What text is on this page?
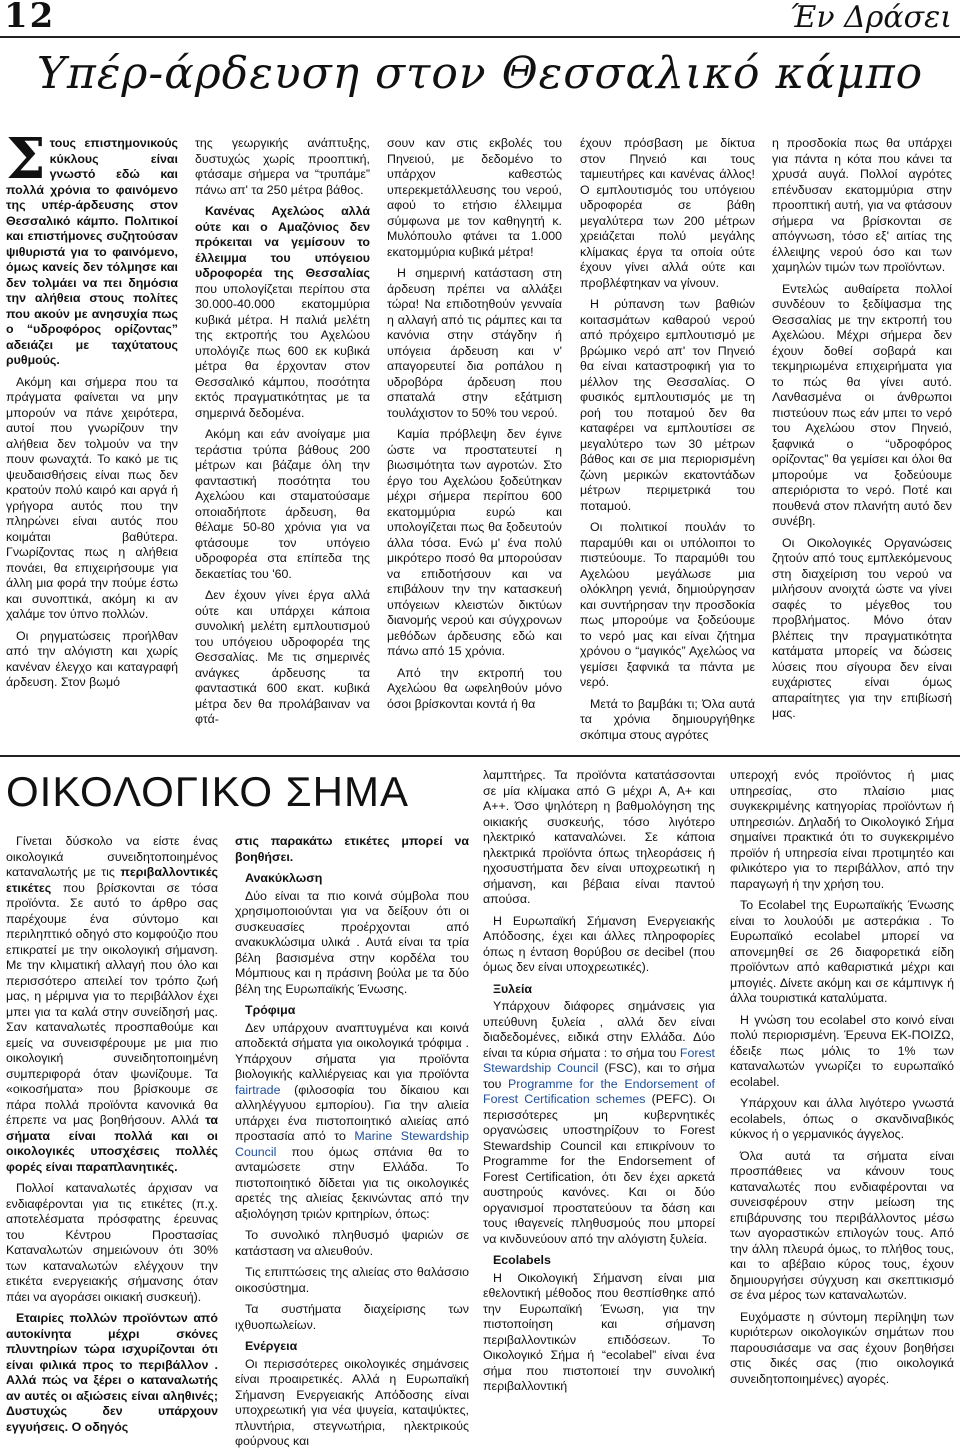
12	Έν Δράσει
Υπέρ-άρδευση στον Θεσσαλικό κάμπο

Στους επιστημονικούς κύκλους είναι γνωστό εδώ και πολλά χρόνια το φαινόμενο της υπέρ-άρδευσης στον Θεσσαλικό κάμπο. Πολιτικοί και επιστήμονες συζητούσαν ψιθυριστά για το φαινόμενο, όμως κανείς δεν τόλμησε και δεν τολμάει να πει δημόσια την αλήθεια στους πολίτες που ακούν με ανησυχία πως ο “υδροφόρος ορίζοντας” αδειάζει με ταχύτατους ρυθμούς.

Ακόμη και σήμερα που τα πράγματα φαίνεται να μην μπορούν να πάνε χειρότερα, αυτοί που γνωρίζουν την αλήθεια δεν τολμούν να την πουν φωναχτά. Το κακό με τις ψευδαισθήσεις είναι πως δεν κρατούν πολύ καιρό και αργά ή γρήγορα αυτός που την πληρώνει είναι αυτός που κοιμάται βαθύτερα. Γνωρίζοντας πως η αλήθεια πονάει, θα επιχειρήσουμε για άλλη μια φορά την πούμε έστω και συνοπτικά, ακόμη κι αν χαλάμε τον ύπνο πολλών.

Οι ρηγματώσεις προήλθαν από την αλόγιστη και χωρίς κανέναν έλεγχο και καταγραφή άρδευση. Στον βωμό

της γεωργικής ανάπτυξης, δυστυχώς χωρίς προοπτική, φτάσαμε σήμερα να “τρυπάμε” πάνω απ' τα 250 μέτρα βάθος.

Κανένας Αχελώος αλλά ούτε και ο Αμαζόνιος δεν πρόκειται να γεμίσουν το έλλειμμα του υπόγειου υδροφορέα της Θεσσαλίας που υπολογίζεται περίπου στα 30.000-40.000 εκατομμύρια κυβικά μέτρα. Η παλιά μελέτη της εκτροπής του Αχελώου υπολόγιζε πως 600 εκ κυβικά μέτρα θα έρχονταν στον Θεσσαλικό κάμπου, ποσότητα εκτός πραγματικότητας με τα σημερινά δεδομένα.

Ακόμη και εάν ανοίγαμε μια τεράστια τρύπα βάθους 200 μέτρων και βάζαμε όλη την φανταστική ποσότητα του Αχελώου και σταματούσαμε οποιαδήποτε άρδευση, θα θέλαμε 50-80 χρόνια για να φτάσουμε τον υπόγειο υδροφορέα στα επίπεδα της δεκαετίας του '60.

Δεν έχουν γίνει έργα αλλά ούτε και υπάρχει κάποια συνολική μελέτη εμπλουτισμού του υπόγειου υδροφορέα της Θεσσαλίας. Με τις σημερινές ανάγκες άρδευσης τα φανταστικά 600 εκατ. κυβικά μέτρα δεν θα προλάβαιναν να φτά-

σουν καν στις εκβολές του Πηνειού, με δεδομένο το υπάρχον καθεστώς υπερεκμετάλλευσης του νερού, αφού το ετήσιο έλλειμμα σύμφωνα με τον καθηγητή κ. Μυλόπουλο φτάνει τα 1.000 εκατομμύρια κυβικά μέτρα!

Η σημερινή κατάσταση στη άρδευση πρέπει να αλλάξει τώρα! Να επιδοτηθούν γενναία η αλλαγή από τις ράμπες και τα κανόνια στην στάγδην ή υπόγεια άρδευση και ν' απαγορευτεί δια ροπάλου η υδροβόρα άρδευση που σπαταλά στην εξάτμιση τουλάχιστον το 50% του νερού.

Καμία πρόβλεψη δεν έγινε ώστε να προστατευτεί η βιωσιμότητα των αγροτών. Στο έργο του Αχελώου ξοδεύτηκαν μέχρι σήμερα περίπου 600 εκατομμύρια ευρώ και υπολογίζεται πως θα ξοδευτούν άλλα τόσα. Ενώ μ' ένα πολύ μικρότερο ποσό θα μπορούσαν να επιδοτήσουν και να επιβάλουν την την κατασκευή υπόγειων κλειστών δικτύων διανομής νερού και σύγχρονων μεθόδων άρδευσης εδώ και πάνω από 15 χρόνια.

Από την εκτροπή του Αχελώου θα ωφεληθούν μόνο όσοι βρίσκονται κοντά ή θα

έχουν πρόσβαση με δίκτυα στον Πηνειό και τους ταμιευτήρες και κανένας άλλος! Ο εμπλουτισμός του υπόγειου υδροφορέα σε βάθη μεγαλύτερα των 200 μέτρων χρειάζεται πολύ μεγάλης κλίμακας έργα τα οποία ούτε έχουν γίνει αλλά ούτε και προβλέφτηκαν να γίνουν.

Η ρύπανση των βαθιών κοιτασμάτων καθαρού νερού από πρόχειρο εμπλουτισμό με βρώμικο νερό απ' τον Πηνειό θα είναι καταστροφική για το μέλλον της Θεσσαλίας. Ο φυσικός εμπλουτισμός με τη ροή του ποταμού δεν θα καταφέρει να εμπλουτίσει σε μεγαλύτερο των 30 μέτρων βάθος και σε μια περιορισμένη ζώνη μερικών εκατοντάδων μέτρων περιμετρικά του ποταμού.

Οι πολιτικοί πουλάν το παραμύθι και οι υπόλοιποι το πιστεύουμε. Το παραμύθι του Αχελώου μεγάλωσε μια ολόκληρη γενιά, δημιούργησαν και συντήρησαν την προσδοκία πως μπορούμε να ξοδεύουμε το νερό μας και είναι ζήτημα χρόνου ο “μαγικός” Αχελώος να γεμίσει ξαφνικά τα πάντα με νερό.

Μετά το βαμβάκι τι; Όλα αυτά τα χρόνια δημιουργήθηκε σκόπιμα στους αγρότες

η προσδοκία πως θα υπάρχει για πάντα η κότα που κάνει τα χρυσά αυγά. Πολλοί αγρότες επένδυσαν εκατομμύρια στην προοπτική αυτή, για να φτάσουν σήμερα να βρίσκονται σε απόγνωση, τόσο εξ' αιτίας της έλλειψης νερού όσο και των χαμηλών τιμών των προϊόντων.

Εντελώς αυθαίρετα πολλοί συνδέουν το ξεδίψασμα της Θεσσαλίας με την εκτροπή του Αχελώου. Μέχρι σήμερα δεν έχουν δοθεί σοβαρά και τεκμηριωμένα επιχειρήματα για το πώς θα γίνει αυτό. Λανθασμένα οι άνθρωποι πιστεύουν πως εάν μπει το νερό του Αχελώου στον Πηνειό, ξαφνικά ο “υδροφόρος ορίζοντας” θα γεμίσει και όλοι θα μπορούμε να ξοδεύουμε απεριόριστα το νερό. Ποτέ και πουθενά στον πλανήτη αυτό δεν συνέβη.

Οι Οικολογικές Οργανώσεις ζητούν από τους εμπλεκόμενους στη διαχείριση του νερού να μιλήσουν ανοιχτά ώστε να γίνει σαφές το μέγεθος του προβλήματος. Μόνο όταν βλέπεις την πραγματικότητα κατάματα μπορείς να δώσεις λύσεις που σίγουρα δεν είναι ευχάριστες είναι όμως απαραίτητες για την επιβίωσή μας.

ΟΙΚΟΛΟΓΙΚΟ ΣΗΜΑ

Γίνεται δύσκολο να είστε ένας οικολογικά συνειδητοποιημένος καταναλωτής με τις περιβαλλοντικές ετικέτες που βρίσκονται σε τόσα προϊόντα. Σε αυτό το άρθρο σας παρέχουμε ένα σύντομο και περιληπτικό οδηγό στο κομφούζιο που επικρατεί με την οικολογική σήμανση. Με την κλιματική αλλαγή που όλο και περισσότερο απειλεί τον τρόπο ζωή μας, η μέριμνα για το περιβάλλον έχει μπει για τα καλά στην συνείδησή μας. Σαν καταναλωτές προσπαθούμε και εμείς να συνεισφέρουμε με μια πιο οικολογική συνειδητοποιημένη συμπεριφορά όταν ψωνίζουμε. Τα «οικοσήματα» που βρίσκουμε σε πάρα πολλά προϊόντα κανονικά θα έπρεπε να μας βοηθήσουν. Αλλά τα σήματα είναι πολλά και οι οικολογικές υποσχέσεις πολλές φορές είναι παραπλανητικές.

Πολλοί καταναλωτές άρχισαν να ενδιαφέρονται για τις ετικέτες (π.χ. αποτελέσματα πρόσφατης έρευνας του Κέντρου Προστασίας Καταναλωτών σημειώνουν ότι 30% των καταναλωτών ελέγχουν την ετικέτα ενεργειακής σήμανσης όταν πάει να αγοράσει οικιακή συσκευή).

Εταιρίες πολλών προϊόντων από αυτοκίνητα μέχρι σκόνες πλυντηρίων τώρα ισχυρίζονται ότι είναι φιλικά προς το περιβάλλον . Αλλά πώς να ξέρει ο καταναλωτής αν αυτές οι αξιώσεις είναι αληθινές; Δυστυχώς δεν υπάρχουν εγγυήσεις. Ο οδηγός

στις παρακάτω ετικέτες μπορεί να βοηθήσει.

Ανακύκλωση

Δύο είναι τα πιο κοινά σύμβολα που χρησιμοποιούνται για να δείξουν ότι οι συσκευασίες προέρχονται από ανακυκλώσιμα υλικά . Αυτά είναι τα τρία βέλη βασισμένα στην κορδέλα του Μόμπιους και η πράσινη βούλα με τα δύο βέλη της Ευρωπαϊκής Ένωσης.

Τρόφιμα

Δεν υπάρχουν αναπτυγμένα και κοινά αποδεκτά σήματα για οικολογικά τρόφιμα . Υπάρχουν σήματα για προϊόντα βιολογικής καλλιέργειας και για προϊόντα fairtrade (φιλοσοφία του δίκαιου και αλληλέγγυου εμπορίου). Για την αλιεία υπάρχει ένα πιστοποιητικό αλιείας από προστασία από το Marine Stewardship Council που όμως σπάνια θα το ανταμώσετε στην Ελλάδα. Το πιστοποιητικό δίδεται για τις οικολογικές αρετές της αλιείας ξεκινώντας από την αξιολόγηση τριών κριτηρίων, όπως:

Το συνολικό πληθυσμό ψαριών σε κατάσταση να αλιευθούν.

Τις επιπτώσεις της αλιείας στο θαλάσσιο οικοσύστημα.

Τα συστήματα διαχείρισης των ιχθυοπωλείων.

Ενέργεια

Οι περισσότερες οικολογικές σημάνσεις είναι προαιρετικές. Αλλά η Ευρωπαϊκή Σήμανση Ενεργειακής Απόδοσης είναι υποχρεωτική για νέα ψυγεία, καταψύκτες, πλυντήρια, στεγνωτήρια, ηλεκτρικούς φούρνους και

λαμπτήρες. Τα προϊόντα κατατάσσονται σε μία κλίμακα από G μέχρι A, A+ και A++. Όσο ψηλότερη η βαθμολόγηση της οικιακής συσκευής, τόσο λιγότερο ηλεκτρικό καταναλώνει. Σε κάποια ηλεκτρικά προϊόντα όπως τηλεοράσεις ή ηχοσυστήματα δεν είναι υποχρεωτική η σήμανση, και βέβαια είναι παντού απούσα.

Η Ευρωπαϊκή Σήμανση Ενεργειακής Απόδοσης, έχει και άλλες πληροφορίες όπως η ένταση θορύβου σε decibel (που όμως δεν είναι υποχρεωτικές).

Ξυλεία

Υπάρχουν διάφορες σημάνσεις για υπεύθυνη ξυλεία , αλλά δεν είναι διαδεδομένες, ειδικά στην Ελλάδα. Δύο είναι τα κύρια σήματα : το σήμα του Forest Stewardship Council (FSC), και το σήμα του Programme for the Endorsement of Forest Certification schemes (PEFC). Οι περισσότερες μη κυβερνητικές οργανώσεις υποστηρίζουν το Forest Stewardship Council και επικρίνουν το Programme for the Endorsement of Forest Certification, ότι δεν έχει αρκετά αυστηρούς κανόνες. Και οι δύο οργανισμοί προστατεύουν τα δάση και τους ιθαγενείς πληθυσμούς που μπορεί να κινδυνεύουν από την αλόγιστη ξυλεία.

Ecolabels

Η Οικολογική Σήμανση είναι μια εθελοντική μέθοδος που θεσπίσθηκε από την Ευρωπαϊκή Ένωση, για την πιστοποίηση και σήμανση περιβαλλοντικών επιδόσεων. Το Οικολογικό Σήμα ή “ecolabel” είναι ένα σήμα που πιστοποιεί την συνολική περιβαλλοντική

υπεροχή ενός προϊόντος ή μιας υπηρεσίας, στο πλαίσιο μιας συγκεκριμένης κατηγορίας προϊόντων ή υπηρεσιών. Δηλαδή το Οικολογικό Σήμα σημαίνει πρακτικά ότι το συγκεκριμένο προϊόν ή υπηρεσία είναι προτιμητέο και φιλικότερο για το περιβάλλον, από την παραγωγή ή την χρήση του.

Το Ecolabel της Ευρωπαϊκής Ένωσης είναι το λουλούδι με αστεράκια . Το Ευρωπαϊκό ecolabel μπορεί να απονεμηθεί σε 26 διαφορετικά είδη προϊόντων από καθαριστικά μέχρι και μπογιές. Δίνετε ακόμη και σε κάμπινγκ ή άλλα τουριστικά καταλύματα.

Η γνώση του ecolabel στο κοινό είναι πολύ περιορισμένη. Έρευνα ΕΚ-ΠΟΙΖΩ, έδειξε πως μόλις το 1% των καταναλωτών γνωρίζει το ευρωπαϊκό ecolabel.

Υπάρχουν και άλλα λιγότερο γνωστά ecolabels, όπως ο σκανδιναβικός κύκνος ή ο γερμανικός άγγελος.

Όλα αυτά τα σήματα είναι προσπάθειες να κάνουν τους καταναλωτές που ενδιαφέρονται να συνεισφέρουν στην μείωση της επιβάρυνσης του περιβάλλοντος μέσω των αγοραστικών επιλογών τους. Από την άλλη πλευρά όμως, το πλήθος τους, και το αβέβαιο κύρος τους, έχουν δημιουργήσει σύγχυση και σκεπτικισμό σε ένα μέρος των καταναλωτών.

Ευχόμαστε η σύντομη περίληψη των κυριότερων οικολογικών σημάτων που παρουσιάσαμε να σας έχουν βοηθήσει στις δικές σας (πιο οικολογικά συνειδητοποιημένες) αγορές.
